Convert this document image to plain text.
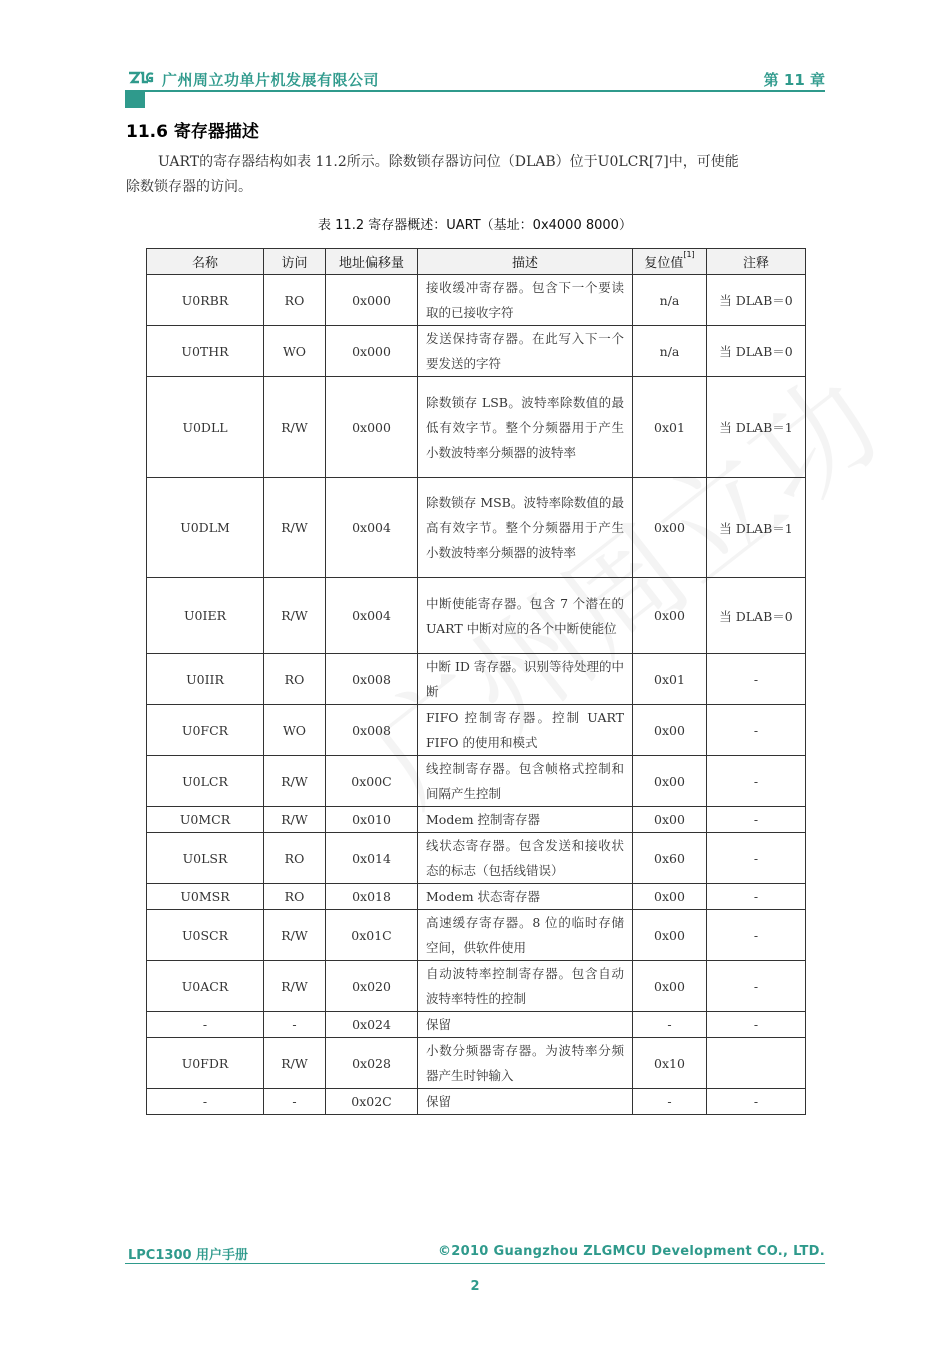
广州周立功单片机发展有限公司	第 11 章
11.6 寄存器描述
UART的寄存器结构如表 11.2所示。除数锁存器访问位（DLAB）位于U0LCR[7]中，可使能
除数锁存器的访问。
表 11.2 寄存器概述：UART（基址：0x4000 8000）
名称	访问	地址偏移量	描述	复位值[1]	注释
U0RBR	RO	0x000	接收缓冲寄存器。包含下一个要读取的已接收字符	n/a	当 DLAB＝0
U0THR	WO	0x000	发送保持寄存器。在此写入下一个要发送的字符	n/a	当 DLAB＝0
U0DLL	R/W	0x000	除数锁存 LSB。波特率除数值的最低有效字节。整个分频器用于产生小数波特率分频器的波特率	0x01	当 DLAB＝1
U0DLM	R/W	0x004	除数锁存 MSB。波特率除数值的最高有效字节。整个分频器用于产生小数波特率分频器的波特率	0x00	当 DLAB＝1
U0IER	R/W	0x004	中断使能寄存器。包含 7 个潜在的 UART 中断对应的各个中断使能位	0x00	当 DLAB＝0
U0IIR	RO	0x008	中断 ID 寄存器。识别等待处理的中断	0x01	-
U0FCR	WO	0x008	FIFO 控制寄存器。控制 UART FIFO 的使用和模式	0x00	-
U0LCR	R/W	0x00C	线控制寄存器。包含帧格式控制和间隔产生控制	0x00	-
U0MCR	R/W	0x010	Modem 控制寄存器	0x00	-
U0LSR	RO	0x014	线状态寄存器。包含发送和接收状态的标志（包括线错误）	0x60	-
U0MSR	RO	0x018	Modem 状态寄存器	0x00	-
U0SCR	R/W	0x01C	高速缓存寄存器。8 位的临时存储空间，供软件使用	0x00	-
U0ACR	R/W	0x020	自动波特率控制寄存器。包含自动波特率特性的控制	0x00	-
-	-	0x024	保留	-	-
U0FDR	R/W	0x028	小数分频器寄存器。为波特率分频器产生时钟输入	0x10	
-	-	0x02C	保留	-	-
LPC1300 用户手册	©2010 Guangzhou ZLGMCU Development CO., LTD.
2
